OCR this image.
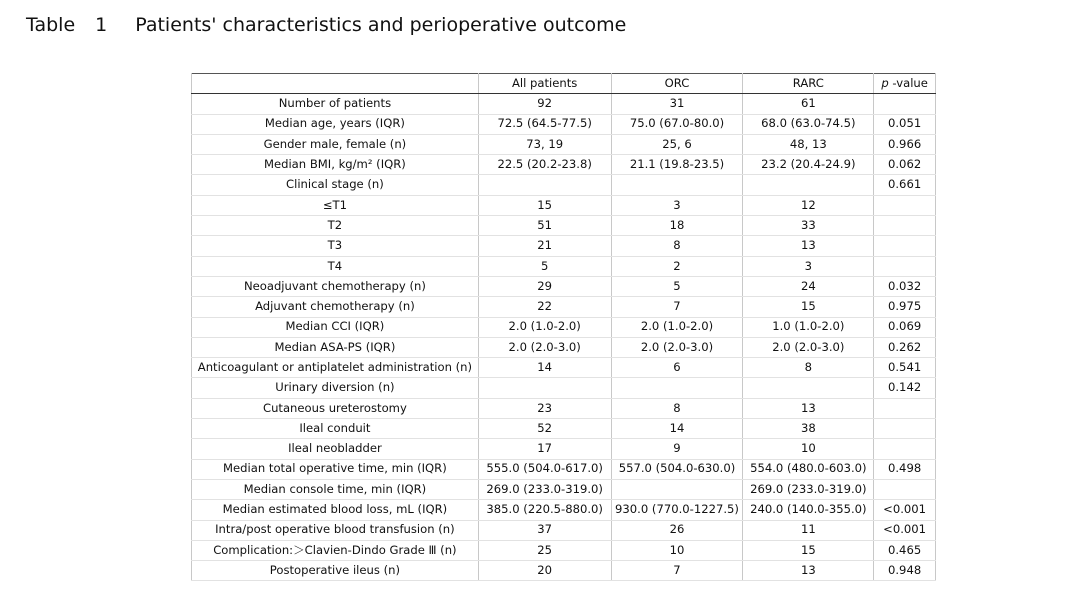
Table 1 Patients' characteristics and perioperative outcome
	All patients	ORC	RARC	p -value
Number of patients	92	31	61	
Median age, years (IQR)	72.5 (64.5-77.5)	75.0 (67.0-80.0)	68.0 (63.0-74.5)	0.051
Gender male, female (n)	73, 19	25, 6	48, 13	0.966
Median BMI, kg/m² (IQR)	22.5 (20.2-23.8)	21.1 (19.8-23.5)	23.2 (20.4-24.9)	0.062
Clinical stage (n)				0.661
≤T1	15	3	12	
T2	51	18	33	
T3	21	8	13	
T4	5	2	3	
Neoadjuvant chemotherapy (n)	29	5	24	0.032
Adjuvant chemotherapy (n)	22	7	15	0.975
Median CCI (IQR)	2.0 (1.0-2.0)	2.0 (1.0-2.0)	1.0 (1.0-2.0)	0.069
Median ASA-PS (IQR)	2.0 (2.0-3.0)	2.0 (2.0-3.0)	2.0 (2.0-3.0)	0.262
Anticoagulant or antiplatelet administration (n)	14	6	8	0.541
Urinary diversion (n)				0.142
Cutaneous ureterostomy	23	8	13	
Ileal conduit	52	14	38	
Ileal neobladder	17	9	10	
Median total operative time, min (IQR)	555.0 (504.0-617.0)	557.0 (504.0-630.0)	554.0 (480.0-603.0)	0.498
Median console time, min (IQR)	269.0 (233.0-319.0)		269.0 (233.0-319.0)	
Median estimated blood loss, mL (IQR)	385.0 (220.5-880.0)	930.0 (770.0-1227.5)	240.0 (140.0-355.0)	<0.001
Intra/post operative blood transfusion (n)	37	26	11	<0.001
Complication:＞Clavien-Dindo Grade Ⅲ (n)	25	10	15	0.465
Postoperative ileus (n)	20	7	13	0.948
